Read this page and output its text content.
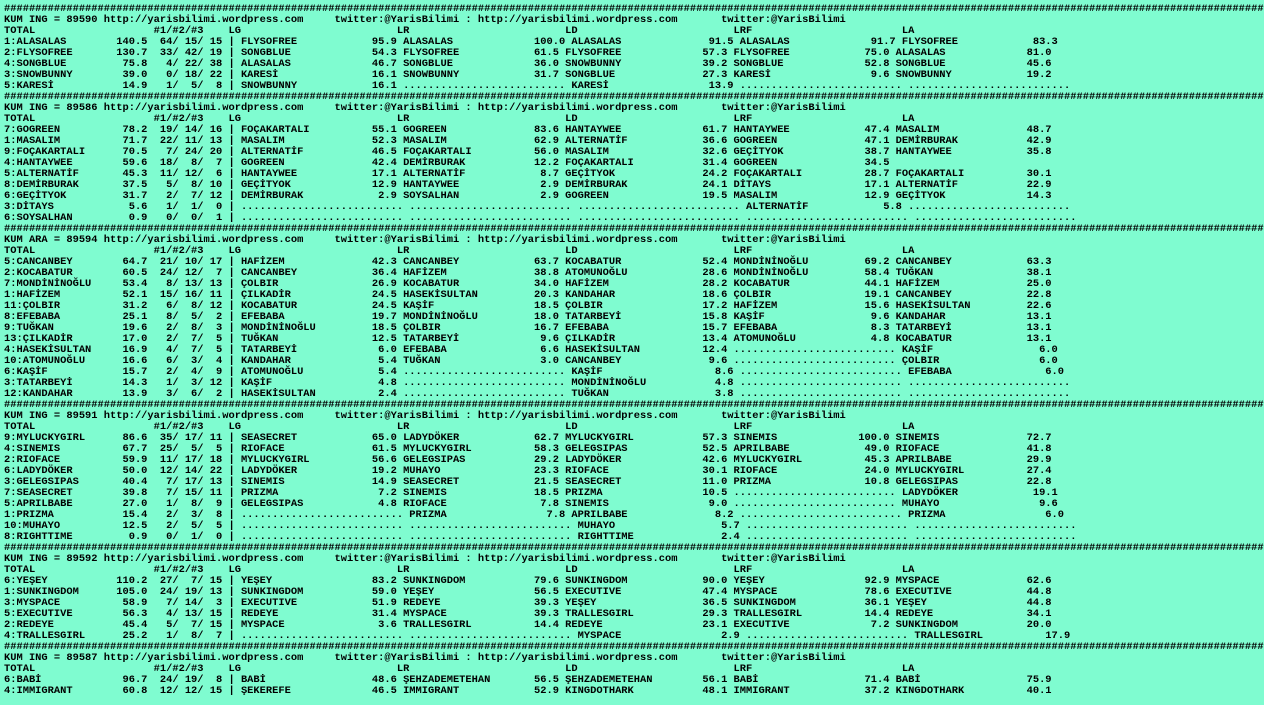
##########################################################################################################################################################################################################
KUM ING = 89590 http://yarisbilimi.wordpress.com     twitter:@YarisBilimi : http://yarisbilimi.wordpress.com       twitter:@YarisBilimi
TOTAL                   #1/#2/#3    LG                         LR                         LD                         LRF                        LA
1:ALASALAS        140.5  64/ 15/ 15 | FLYSOFREE            95.9 ALASALAS             100.0 ALASALAS              91.5 ALASALAS             91.7 FLYSOFREE            83.3
2:FLYSOFREE       130.7  33/ 42/ 19 | SONGBLUE             54.3 FLYSOFREE            61.5 FLYSOFREE             57.3 FLYSOFREE            75.0 ALASALAS             81.0
4:SONGBLUE         75.8   4/ 22/ 38 | ALASALAS             46.7 SONGBLUE             36.0 SNOWBUNNY             39.2 SONGBLUE             52.8 SONGBLUE             45.6
3:SNOWBUNNY        39.0   0/ 18/ 22 | KARESİ               16.1 SNOWBUNNY            31.7 SONGBLUE              27.3 KARESİ                9.6 SNOWBUNNY            19.2
5:KARESİ           14.9   1/  5/  8 | SNOWBUNNY            16.1 .......................... KARESİ                13.9 .......................... ..........................
##########################################################################################################################################################################################################
KUM ING = 89586 http://yarisbilimi.wordpress.com     twitter:@YarisBilimi : http://yarisbilimi.wordpress.com       twitter:@YarisBilimi
TOTAL                   #1/#2/#3    LG                         LR                         LD                         LRF                        LA
7:GOGREEN          78.2  19/ 14/ 16 | FOÇAKARTALI          55.1 GOGREEN              83.6 HANTAYWEE             61.7 HANTAYWEE            47.4 MASALIM              48.7
1:MASALIM          71.7  22/ 11/ 13 | MASALIM              52.3 MASALIM              62.9 ALTERNATİF            36.6 GOGREEN              47.1 DEMİRBURAK           42.9
9:FOÇAKARTALI      70.5   7/ 24/ 20 | ALTERNATİF           46.5 FOÇAKARTALI          56.0 MASALIM               32.6 GEÇİTYOK             38.7 HANTAYWEE            35.8
4:HANTAYWEE        59.6  18/  8/  7 | GOGREEN              42.4 DEMİRBURAK           12.2 FOÇAKARTALI           31.4 GOGREEN              34.5
5:ALTERNATİF       45.3  11/ 12/  6 | HANTAYWEE            17.1 ALTERNATİF            8.7 GEÇİTYOK              24.2 FOÇAKARTALI          28.7 FOÇAKARTALI          30.1
8:DEMİRBURAK       37.5   5/  8/ 10 | GEÇİTYOK             12.9 HANTAYWEE             2.9 DEMİRBURAK            24.1 DİTAYS               17.1 ALTERNATİF           22.9
6:GEÇİTYOK         31.7   2/  7/ 12 | DEMİRBURAK            2.9 SOYSALHAN             2.9 GOGREEN               19.5 MASALIM              12.9 GEÇİTYOK             14.3
3:DİTAYS            5.6   1/  1/  0 | .......................... .......................... .......................... ALTERNATİF            5.8 ..........................
6:SOYSALHAN         0.9   0/  0/  1 | .......................... .......................... .......................... .......................... ..........................
##########################################################################################################################################################################################################
KUM ARA = 89594 http://yarisbilimi.wordpress.com     twitter:@YarisBilimi : http://yarisbilimi.wordpress.com       twitter:@YarisBilimi
TOTAL                   #1/#2/#3    LG                         LR                         LD                         LRF                        LA
5:CANCANBEY        64.7  21/ 10/ 17 | HAFİZEM              42.3 CANCANBEY            63.7 KOCABATUR             52.4 MONDİNİNOĞLU         69.2 CANCANBEY            63.3
2:KOCABATUR        60.5  24/ 12/  7 | CANCANBEY            36.4 HAFİZEM              38.8 ATOMUNOĞLU            28.6 MONDİNİNOĞLU         58.4 TUĞKAN               38.1
7:MONDİNİNOĞLU     53.4   8/ 13/ 13 | ÇOLBIR               26.9 KOCABATUR            34.0 HAFİZEM               28.2 KOCABATUR            44.1 HAFİZEM              25.0
1:HAFİZEM          52.1  15/ 16/ 11 | ÇILKADİR             24.5 HASEKİSULTAN         20.3 KANDAHAR              18.6 ÇOLBIR               19.1 CANCANBEY            22.8
11:ÇOLBIR          31.2   6/  8/ 12 | KOCABATUR            24.5 KAŞİF                18.5 ÇOLBIR                17.2 HAFİZEM              15.6 HASEKİSULTAN         22.6
8:EFEBABA          25.1   8/  5/  2 | EFEBABA              19.7 MONDİNİNOĞLU         18.0 TATARBEYİ             15.8 KAŞİF                 9.6 KANDAHAR             13.1
9:TUĞKAN           19.6   2/  8/  3 | MONDİNİNOĞLU         18.5 ÇOLBIR               16.7 EFEBABA               15.7 EFEBABA               8.3 TATARBEYİ            13.1
13:ÇILKADİR        17.0   2/  7/  5 | TUĞKAN               12.5 TATARBEYİ             9.6 ÇILKADİR              13.4 ATOMUNOĞLU            4.8 KOCABATUR            13.1
4:HASEKİSULTAN     16.9   4/  7/  5 | TATARBEYİ             6.0 EFEBABA               6.6 HASEKİSULTAN          12.4 .......................... KAŞİF                 6.0
10:ATOMUNOĞLU      16.6   6/  3/  4 | KANDAHAR              5.4 TUĞKAN                3.0 CANCANBEY              9.6 .......................... ÇOLBIR                6.0
6:KAŞİF            15.7   2/  4/  9 | ATOMUNOĞLU            5.4 .......................... KAŞİF                  8.6 .......................... EFEBABA               6.0
3:TATARBEYİ        14.3   1/  3/ 12 | KAŞİF                 4.8 .......................... MONDİNİNOĞLU           4.8 .......................... ..........................
12:KANDAHAR        13.9   3/  6/  2 | HASEKİSULTAN          2.4 .......................... TUĞKAN                 3.8 .......................... ..........................
##########################################################################################################################################################################################################
KUM ING = 89591 http://yarisbilimi.wordpress.com     twitter:@YarisBilimi : http://yarisbilimi.wordpress.com       twitter:@YarisBilimi
TOTAL                   #1/#2/#3    LG                         LR                         LD                         LRF                        LA
9:MYLUCKYGIRL      86.6  35/ 17/ 11 | SEASECRET            65.0 LADYDÖKER            62.7 MYLUCKYGIRL           57.3 SINEMIS             100.0 SINEMIS              72.7
4:SINEMIS          67.7  25/  5/  5 | RIOFACE              61.5 MYLUCKYGIRL          58.3 GELEGSIPAS            52.5 APRILBABE            49.0 RIOFACE              41.8
2:RIOFACE          59.9  11/ 17/ 18 | MYLUCKYGIRL          56.6 GELEGSIPAS           29.2 LADYDÖKER             42.6 MYLUCKYGIRL          45.3 APRILBABE            29.9
6:LADYDÖKER        50.0  12/ 14/ 22 | LADYDÖKER            19.2 MUHAYO               23.3 RIOFACE               30.1 RIOFACE              24.0 MYLUCKYGIRL          27.4
3:GELEGSIPAS       40.4   7/ 17/ 13 | SINEMIS              14.9 SEASECRET            21.5 SEASECRET             11.0 PRIZMA               10.8 GELEGSIPAS           22.8
7:SEASECRET        39.8   7/ 15/ 11 | PRIZMA                7.2 SINEMIS              18.5 PRIZMA                10.5 .......................... LADYDÖKER            19.1
5:APRILBABE        27.0   1/  8/  9 | GELEGSIPAS            4.8 RIOFACE               7.8 SINEMIS                9.0 .......................... MUHAYO                9.6
1:PRIZMA           15.4   2/  3/  8 | .......................... PRIZMA                7.8 APRILBABE              8.2 .......................... PRIZMA                6.0
10:MUHAYO          12.5   2/  5/  5 | .......................... .......................... MUHAYO                 5.7 .......................... ..........................
8:RIGHTTIME         0.9   0/  1/  0 | .......................... .......................... RIGHTTIME              2.4 .......................... ..........................
##########################################################################################################################################################################################################
KUM ING = 89592 http://yarisbilimi.wordpress.com     twitter:@YarisBilimi : http://yarisbilimi.wordpress.com       twitter:@YarisBilimi
TOTAL                   #1/#2/#3    LG                         LR                         LD                         LRF                        LA
6:YEŞEY           110.2  27/  7/ 15 | YEŞEY                83.2 SUNKINGDOM           79.6 SUNKINGDOM            90.0 YEŞEY                92.9 MYSPACE              62.6
1:SUNKINGDOM      105.0  24/ 19/ 13 | SUNKINGDOM           59.0 YEŞEY                56.5 EXECUTIVE             47.4 MYSPACE              78.6 EXECUTIVE            44.8
3:MYSPACE          58.9   7/ 14/  3 | EXECUTIVE            51.9 REDEYE               39.3 YEŞEY                 36.5 SUNKINGDOM           36.1 YEŞEY                44.8
5:EXECUTIVE        56.3   4/ 13/ 15 | REDEYE               31.4 MYSPACE              39.3 TRALLESGIRL           29.3 TRALLESGIRL          14.4 REDEYE               34.1
2:REDEYE           45.4   5/  7/ 15 | MYSPACE               3.6 TRALLESGIRL          14.4 REDEYE                23.1 EXECUTIVE             7.2 SUNKINGDOM           20.0
4:TRALLESGIRL      25.2   1/  8/  7 | .......................... .......................... MYSPACE                2.9 .......................... TRALLESGIRL          17.9
##########################################################################################################################################################################################################
KUM ING = 89587 http://yarisbilimi.wordpress.com     twitter:@YarisBilimi : http://yarisbilimi.wordpress.com       twitter:@YarisBilimi
TOTAL                   #1/#2/#3    LG                         LR                         LD                         LRF                        LA
6:BABİ             96.7  24/ 19/  8 | BABİ                 48.6 ŞEHZADEMETEHAN       56.5 ŞEHZADEMETEHAN        56.1 BABİ                 71.4 BABİ                 75.9
4:IMMIGRANT        60.8  12/ 12/ 15 | ŞEKEREFE             46.5 IMMIGRANT            52.9 KINGDOTHARK           48.1 IMMIGRANT            37.2 KINGDOTHARK          40.1
